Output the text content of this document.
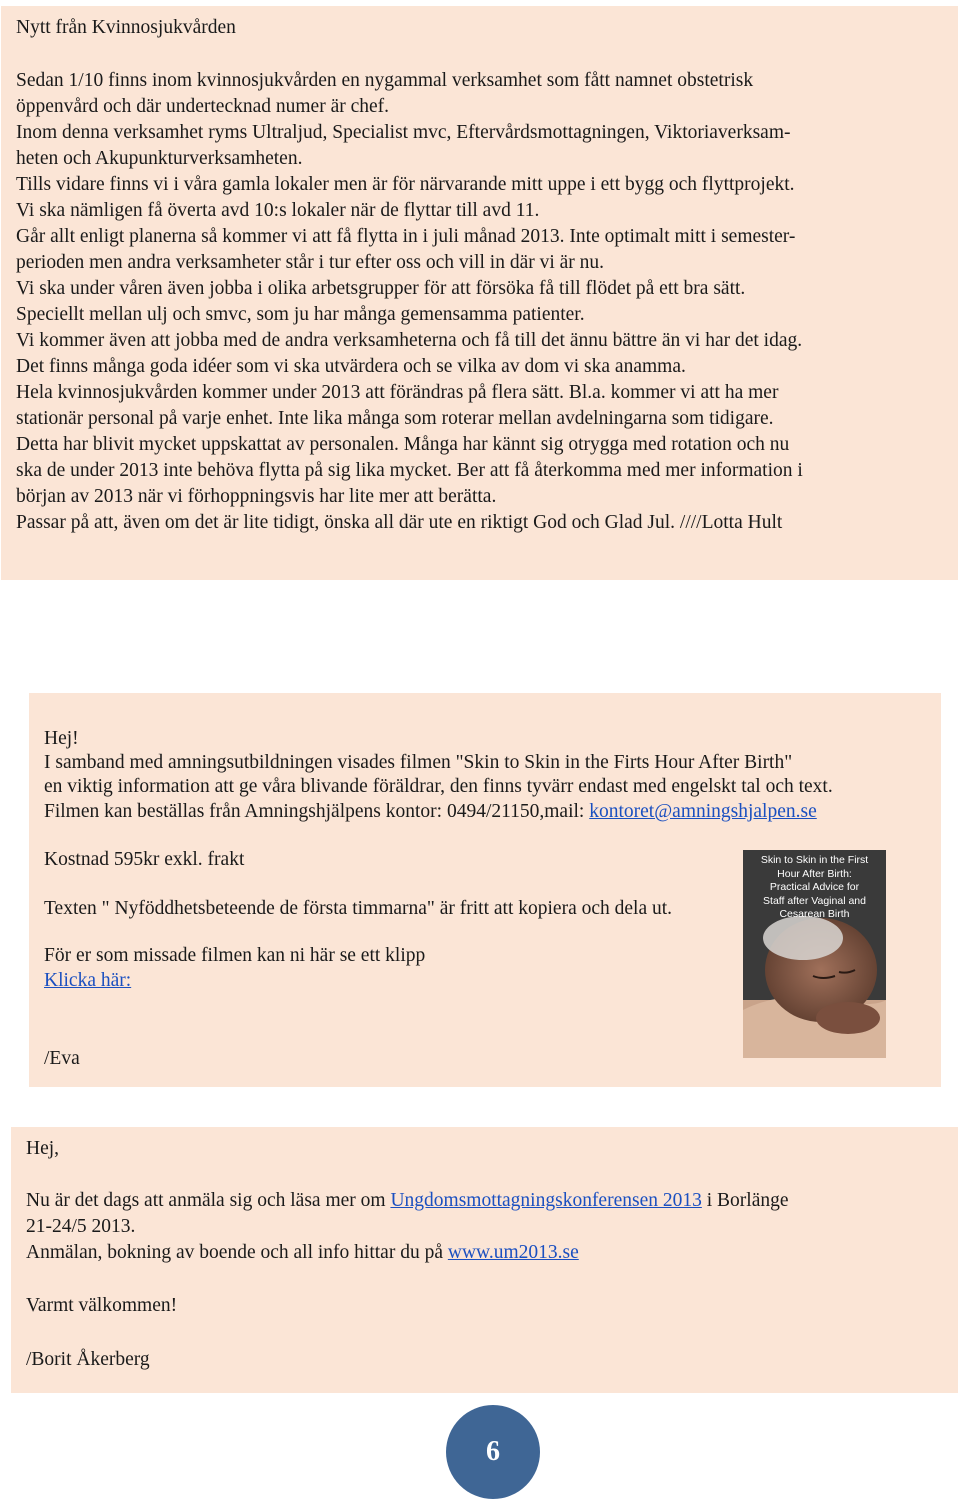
Nytt från Kvinnosjukvården
Sedan 1/10 finns inom kvinnosjukvården en nygammal verksamhet som fått namnet obstetrisk
öppenvård och där undertecknad numer är chef.
Inom denna verksamhet ryms Ultraljud, Specialist mvc, Eftervårdsmottagningen, Viktoriaverksam-
heten och Akupunkturverksamheten.
Tills vidare finns vi i våra gamla lokaler men är för närvarande mitt uppe i ett bygg och flyttprojekt.
Vi ska nämligen få överta avd 10:s lokaler när de flyttar till avd 11.
Går allt enligt planerna så kommer vi att få flytta in i juli månad 2013. Inte optimalt mitt i semester-
perioden men andra verksamheter står i tur efter oss och vill in där vi är nu.
Vi ska under våren även jobba i olika arbetsgrupper för att försöka få till flödet på ett bra sätt.
Speciellt mellan ulj och smvc, som ju har många gemensamma patienter.
Vi kommer även att jobba med de andra verksamheterna och få till det ännu bättre än vi har det idag.
Det finns många goda idéer som vi ska utvärdera och se vilka av dom vi ska anamma.
Hela kvinnosjukvården kommer under 2013 att förändras på flera sätt. Bl.a. kommer vi att ha mer
stationär personal på varje enhet. Inte lika många som roterar mellan avdelningarna som tidigare.
Detta har blivit mycket uppskattat av personalen. Många har kännt sig otrygga med rotation och nu
ska de under 2013 inte behöva flytta på sig lika mycket. Ber att få återkomma med mer information i
början av 2013 när vi förhoppningsvis har lite mer att berätta.
Passar på att, även om det är lite tidigt, önska all där ute en riktigt God och Glad Jul. ////Lotta Hult
Hej!
I samband med amningsutbildningen visades filmen "Skin to Skin in the Firts Hour After Birth"
en viktig information att ge våra blivande föräldrar, den finns tyvärr endast med engelskt tal och text.
Filmen kan beställas från Amningshjälpens kontor: 0494/21150,mail: kontoret@amningshjalpen.se
Kostnad 595kr exkl. frakt
Texten " Nyföddhetsbeteende de första timmarna" är fritt att kopiera och dela ut.
För er som missade filmen kan ni här se ett klipp
Klicka här:
/Eva
Skin to Skin in the First
Hour After Birth:
Practical Advice for
Staff after Vaginal and
Cesarean Birth
Hej,
Nu är det dags att anmäla sig och läsa mer om Ungdomsmottagningskonferensen 2013 i Borlänge
21-24/5 2013.
Anmälan, bokning av boende och all info hittar du på www.um2013.se
Varmt välkommen!
/Borit Åkerberg
6
